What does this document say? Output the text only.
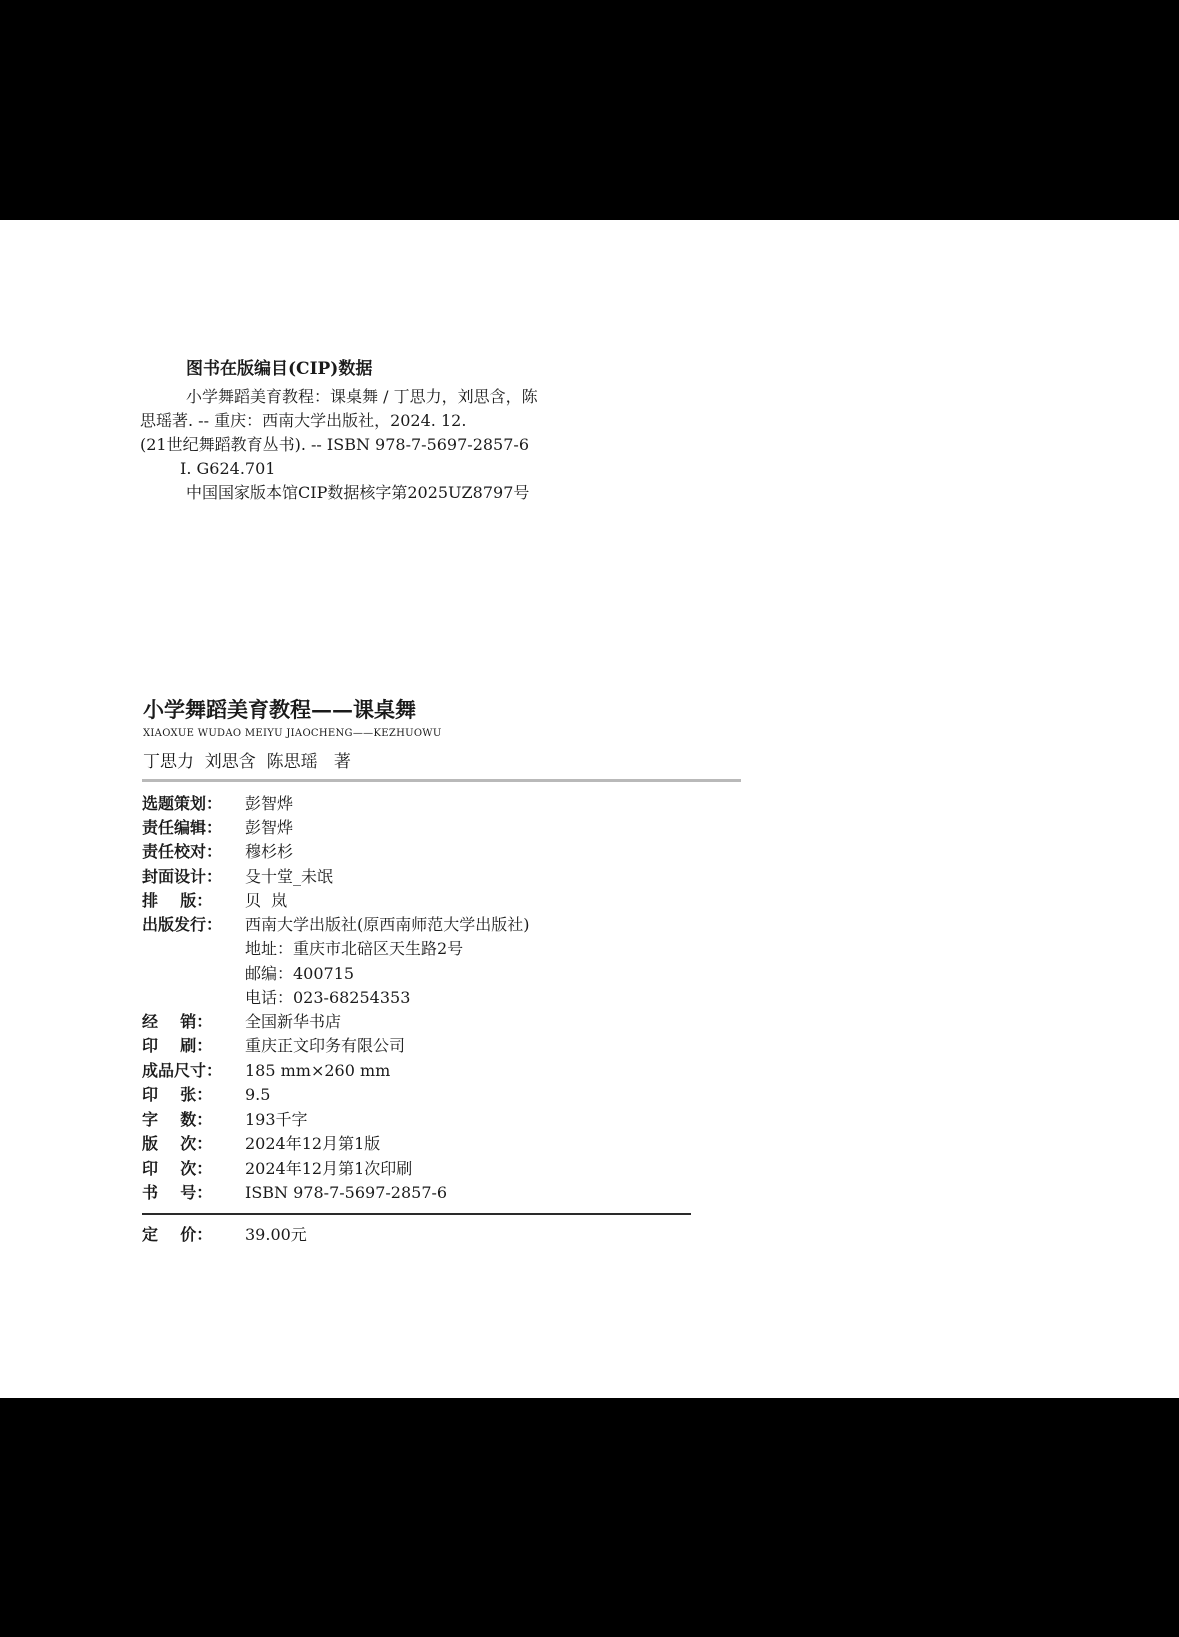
图书在版编目(CIP)数据
小学舞蹈美育教程：课桌舞 / 丁思力，刘思含，陈
思瑶著. -- 重庆：西南大学出版社，2024. 12.
(21世纪舞蹈教育丛书). -- ISBN 978-7-5697-2857-6
Ⅰ. G624.701
中国国家版本馆CIP数据核字第2025UZ8797号
小学舞蹈美育教程——课桌舞
XIAOXUE WUDAO MEIYU JIAOCHENG——KEZHUOWU
丁思力  刘思含  陈思瑶   著
选题策划： 彭智烨
责任编辑： 彭智烨
责任校对： 穆杉杉
封面设计： 殳十堂_未氓
排    版： 贝  岚
出版发行： 西南大学出版社(原西南师范大学出版社)
地址：重庆市北碚区天生路2号
邮编：400715
电话：023-68254353
经    销： 全国新华书店
印    刷： 重庆正文印务有限公司
成品尺寸： 185 mm×260 mm
印    张： 9.5
字    数： 193千字
版    次： 2024年12月第1版
印    次： 2024年12月第1次印刷
书    号： ISBN 978-7-5697-2857-6
定    价： 39.00元
